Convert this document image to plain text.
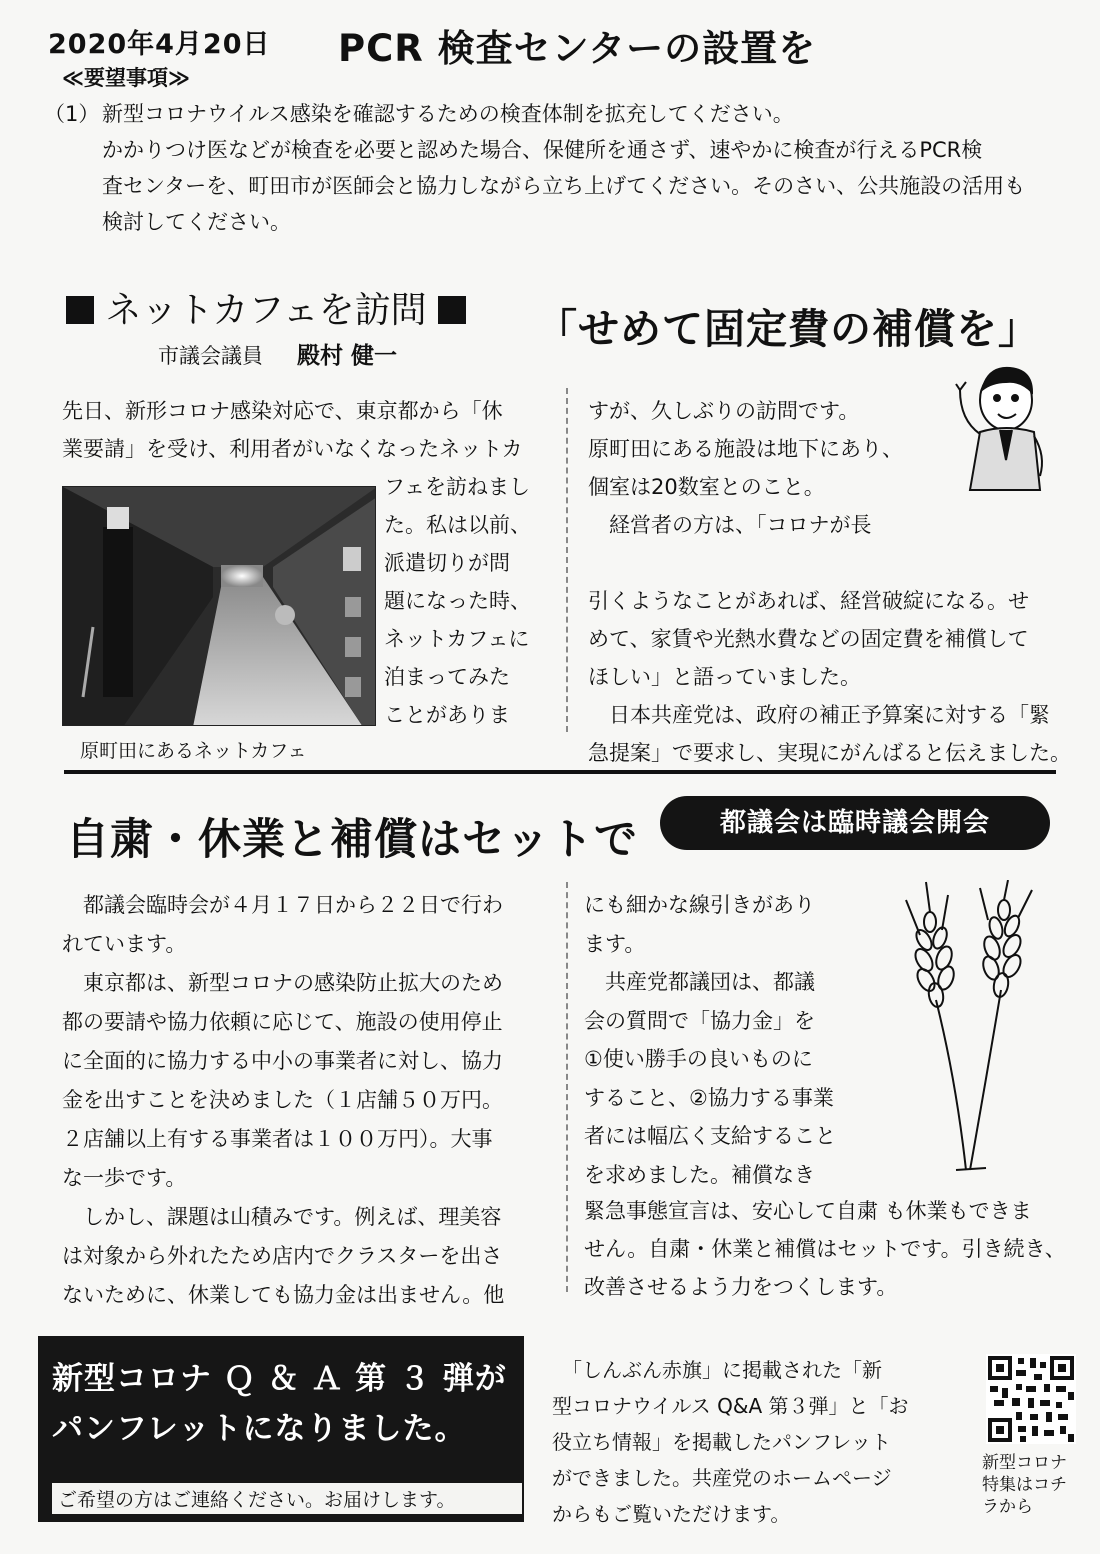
2020年4月20日 PCR 検査センターの設置を
≪要望事項≫
（1） 新型コロナウイルス感染を確認するための検査体制を拡充してください。

かかりつけ医などが検査を必要と認めた場合、保健所を通さず、速やかに検査が行えるPCR検

査センターを、町田市が医師会と協力しながら立ち上げてください。そのさい、公共施設の活用も

検討してください。

ネットカフェを訪問
市議会議員 殿村 健一
「せめて固定費の補償を」
先日、新形コロナ感染対応で、東京都から「休
業要請」を受け、利用者がいなくなったネットカ
フェを訪ねまし
た。私は以前、
派遣切りが問
題になった時、
ネットカフェに
泊まってみた
ことがありま
原町田にあるネットカフェ
すが、久しぶりの訪問です。
原町田にある施設は地下にあり、
個室は20数室とのこと。
　経営者の方は、「コロナが長
引くようなことがあれば、経営破綻になる。せ
めて、家賃や光熱水費などの固定費を補償して
ほしい」と語っていました。
　日本共産党は、政府の補正予算案に対する「緊
急提案」で要求し、実現にがんばると伝えました。
自粛・休業と補償はセットで	都議会は臨時議会開会
　都議会臨時会が４月１７日から２２日で行わ
れています。
　東京都は、新型コロナの感染防止拡大のため
都の要請や協力依頼に応じて、施設の使用停止
に全面的に協力する中小の事業者に対し、協力
金を出すことを決めました（１店舗５０万円。
２店舗以上有する事業者は１００万円）。大事
な一歩です。
　しかし、課題は山積みです。例えば、理美容
は対象から外れたため店内でクラスターを出さ
ないために、休業しても協力金は出ません。他
にも細かな線引きがあり
ます。
　共産党都議団は、都議
会の質問で「協力金」を
①使い勝手の良いものに
すること、②協力する事業
者には幅広く支給すること
を求めました。補償なき
緊急事態宣言は、安心して自粛 も休業もできま
せん。自粛・休業と補償はセットです。引き続き、
改善させるよう力をつくします。
新型コロナ Ｑ ＆ Ａ 第 ３ 弾が
パンフレットになりました。
ご希望の方はご連絡ください。お届けします。
　「しんぶん赤旗」に掲載された「新
型コロナウイルス Q&A 第３弾」と「お
役立ち情報」を掲載したパンフレット
ができました。共産党のホームページ
からもご覧いただけます。
新型コロナ
特集はコチ
ラから
